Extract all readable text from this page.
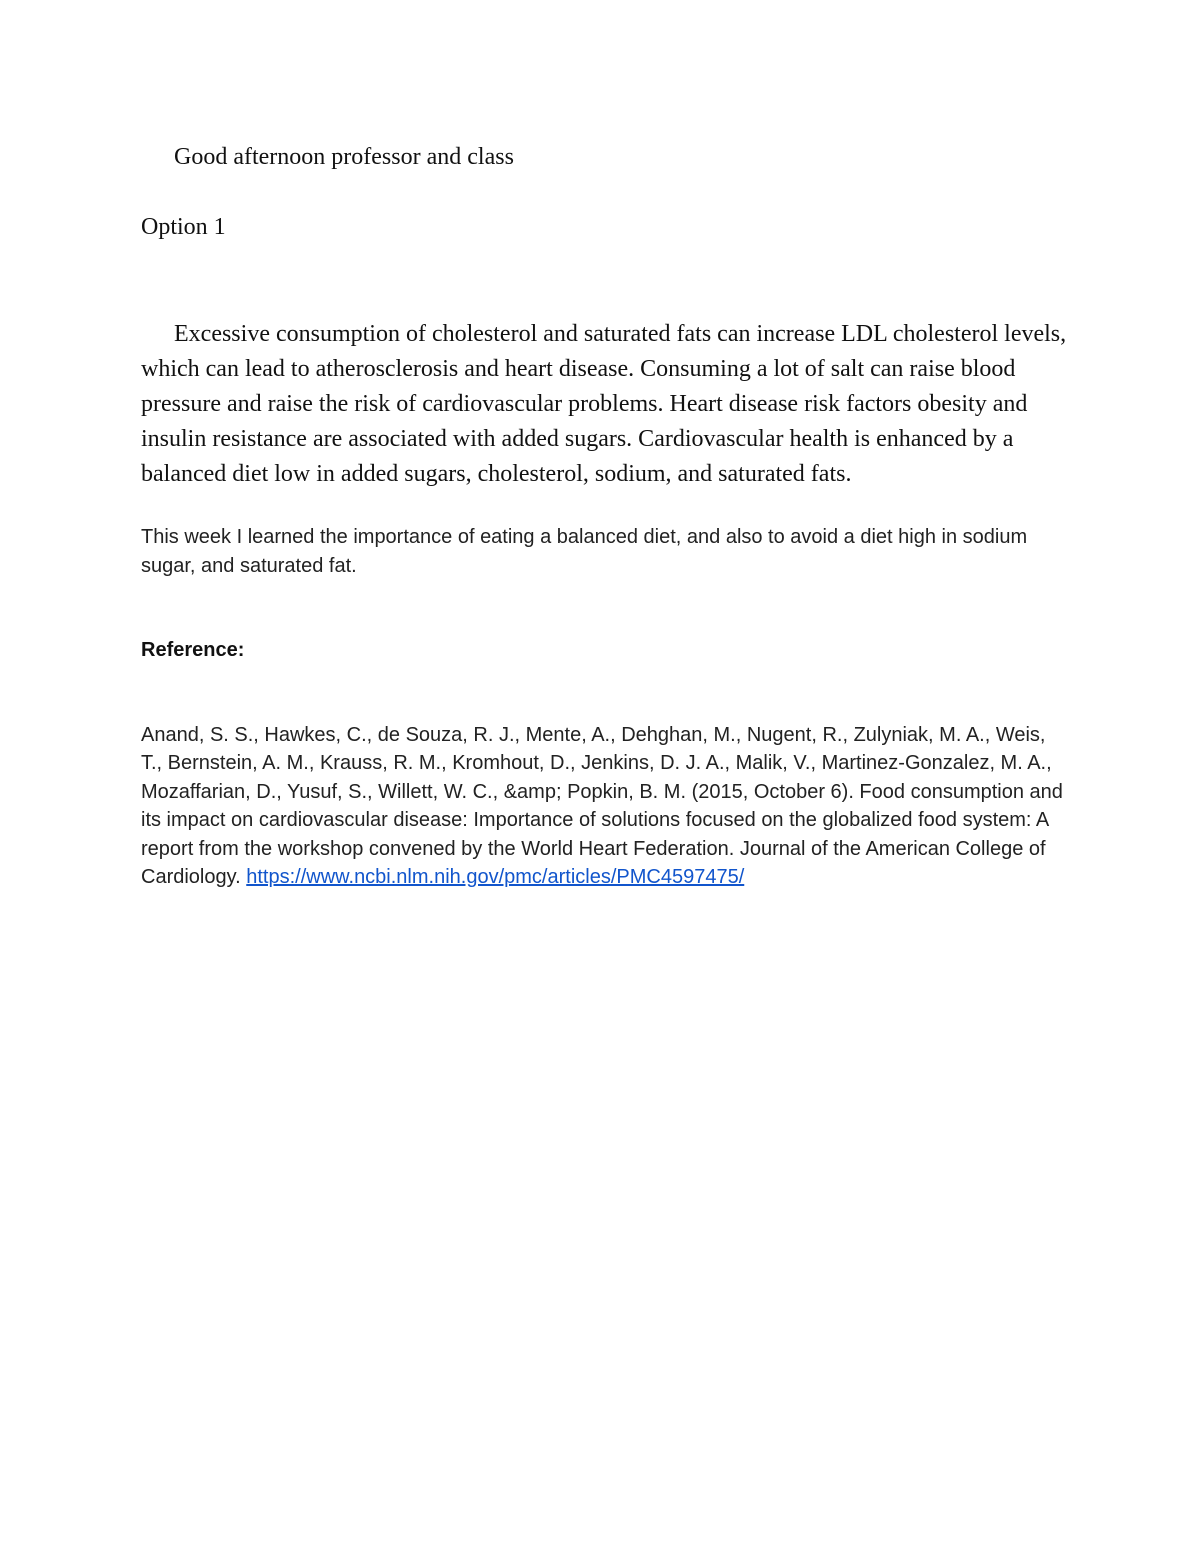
Good afternoon professor and class

Option 1

Excessive consumption of cholesterol and saturated fats can increase LDL cholesterol levels, which can lead to atherosclerosis and heart disease. Consuming a lot of salt can raise blood pressure and raise the risk of cardiovascular problems. Heart disease risk factors obesity and insulin resistance are associated with added sugars. Cardiovascular health is enhanced by a balanced diet low in added sugars, cholesterol, sodium, and saturated fats.

This week I learned the importance of eating a balanced diet, and also to avoid a diet high in sodium sugar, and saturated fat.

Reference:

Anand, S. S., Hawkes, C., de Souza, R. J., Mente, A., Dehghan, M., Nugent, R., Zulyniak, M. A., Weis, T., Bernstein, A. M., Krauss, R. M., Kromhout, D., Jenkins, D. J. A., Malik, V., Martinez-Gonzalez, M. A., Mozaffarian, D., Yusuf, S., Willett, W. C., &amp; Popkin, B. M. (2015, October 6). Food consumption and its impact on cardiovascular disease: Importance of solutions focused on the globalized food system: A report from the workshop convened by the World Heart Federation. Journal of the American College of Cardiology. https://www.ncbi.nlm.nih.gov/pmc/articles/PMC4597475/
